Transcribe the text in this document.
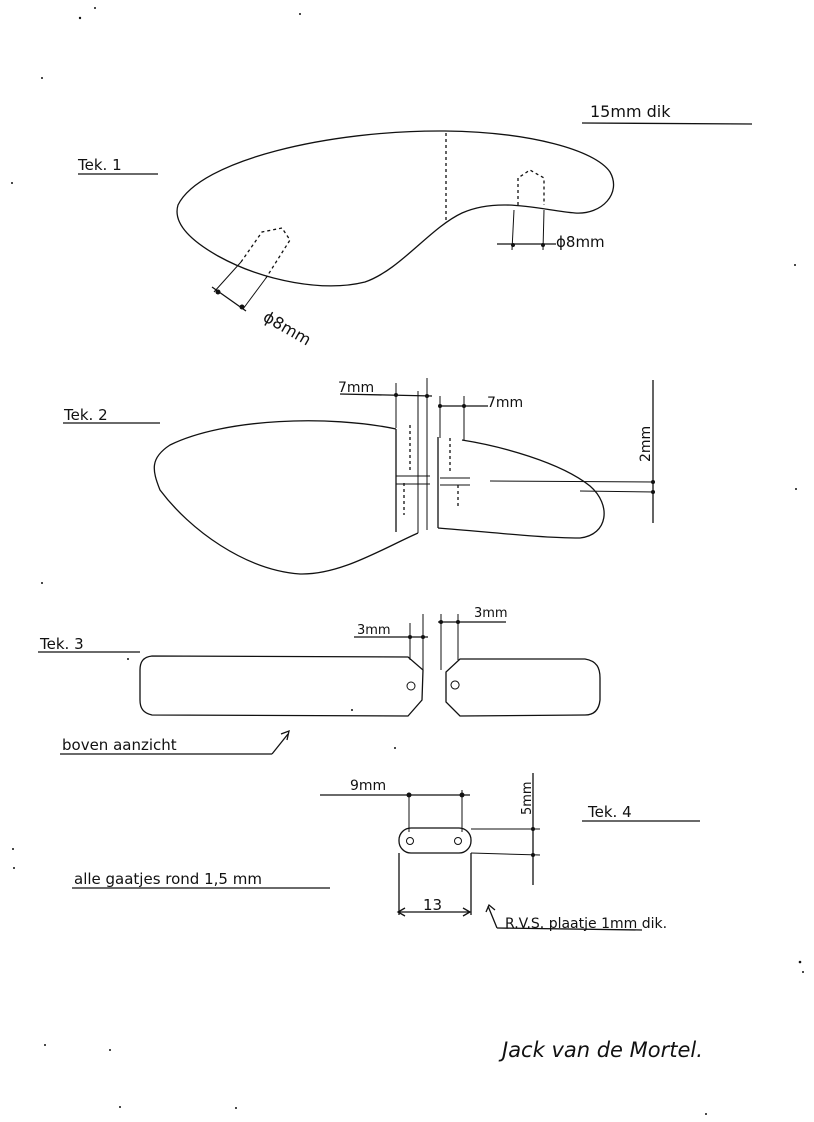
15mm dik
Tek. 1
ϕ8mm
ϕ8mm
Tek. 2
7mm
7mm
2mm
Tek. 3
3mm
3mm
boven aanzicht
Tek. 4
9mm	5mm
13
R.V.S. plaatje 1mm dik.
alle gaatjes rond 1,5 mm
Jack van de Mortel.
